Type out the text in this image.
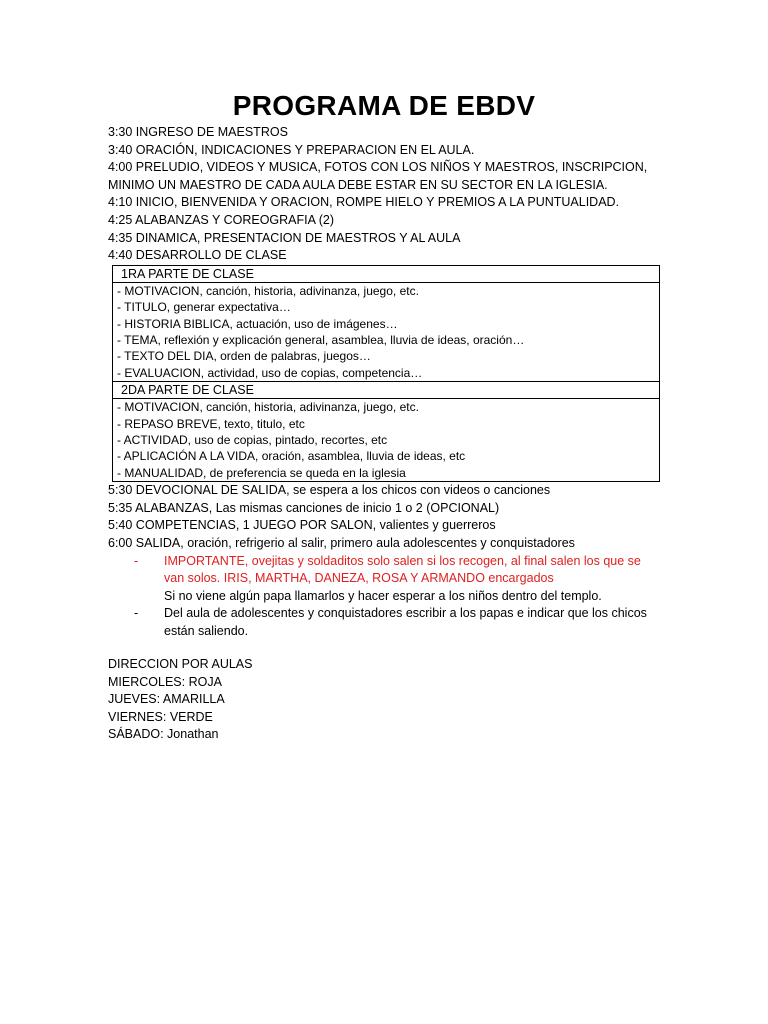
PROGRAMA DE EBDV
3:30 INGRESO DE MAESTROS
3:40 ORACIÓN, INDICACIONES Y PREPARACION EN EL AULA.
4:00 PRELUDIO, VIDEOS Y MUSICA, FOTOS CON LOS NIÑOS Y MAESTROS, INSCRIPCION,
MINIMO UN MAESTRO DE CADA AULA DEBE ESTAR EN SU SECTOR EN LA IGLESIA.
4:10 INICIO, BIENVENIDA Y ORACION, ROMPE HIELO Y PREMIOS A LA PUNTUALIDAD.
4:25 ALABANZAS Y COREOGRAFIA (2)
4:35 DINAMICA, PRESENTACION DE MAESTROS Y AL AULA
4:40 DESARROLLO DE CLASE
1RA PARTE DE CLASE
- MOTIVACION, canción, historia, adivinanza, juego, etc.
- TITULO, generar expectativa…
- HISTORIA BIBLICA, actuación, uso de imágenes…
- TEMA, reflexión y explicación general, asamblea, lluvia de ideas, oración…
- TEXTO DEL DIA, orden de palabras, juegos…
- EVALUACION, actividad, uso de copias, competencia…
2DA PARTE DE CLASE
- MOTIVACION, canción, historia, adivinanza, juego, etc.
- REPASO BREVE, texto, titulo, etc
- ACTIVIDAD, uso de copias, pintado, recortes, etc
- APLICACIÓN A LA VIDA, oración, asamblea, lluvia de ideas, etc
- MANUALIDAD, de preferencia se queda en la iglesia
5:30 DEVOCIONAL DE SALIDA, se espera a los chicos con videos o canciones
5:35 ALABANZAS, Las mismas canciones de inicio 1 o 2 (OPCIONAL)
5:40 COMPETENCIAS, 1 JUEGO POR SALON, valientes y guerreros
6:00 SALIDA, oración, refrigerio al salir, primero aula adolescentes y conquistadores
- IMPORTANTE, ovejitas y soldaditos solo salen si los recogen, al final salen los que se
van solos. IRIS, MARTHA, DANEZA, ROSA Y ARMANDO encargados
Si no viene algún papa llamarlos y hacer esperar a los niños dentro del templo.
- Del aula de adolescentes y conquistadores escribir a los papas e indicar que los chicos
están saliendo.
DIRECCION POR AULAS
MIERCOLES: ROJA
JUEVES: AMARILLA
VIERNES: VERDE
SÁBADO: Jonathan
